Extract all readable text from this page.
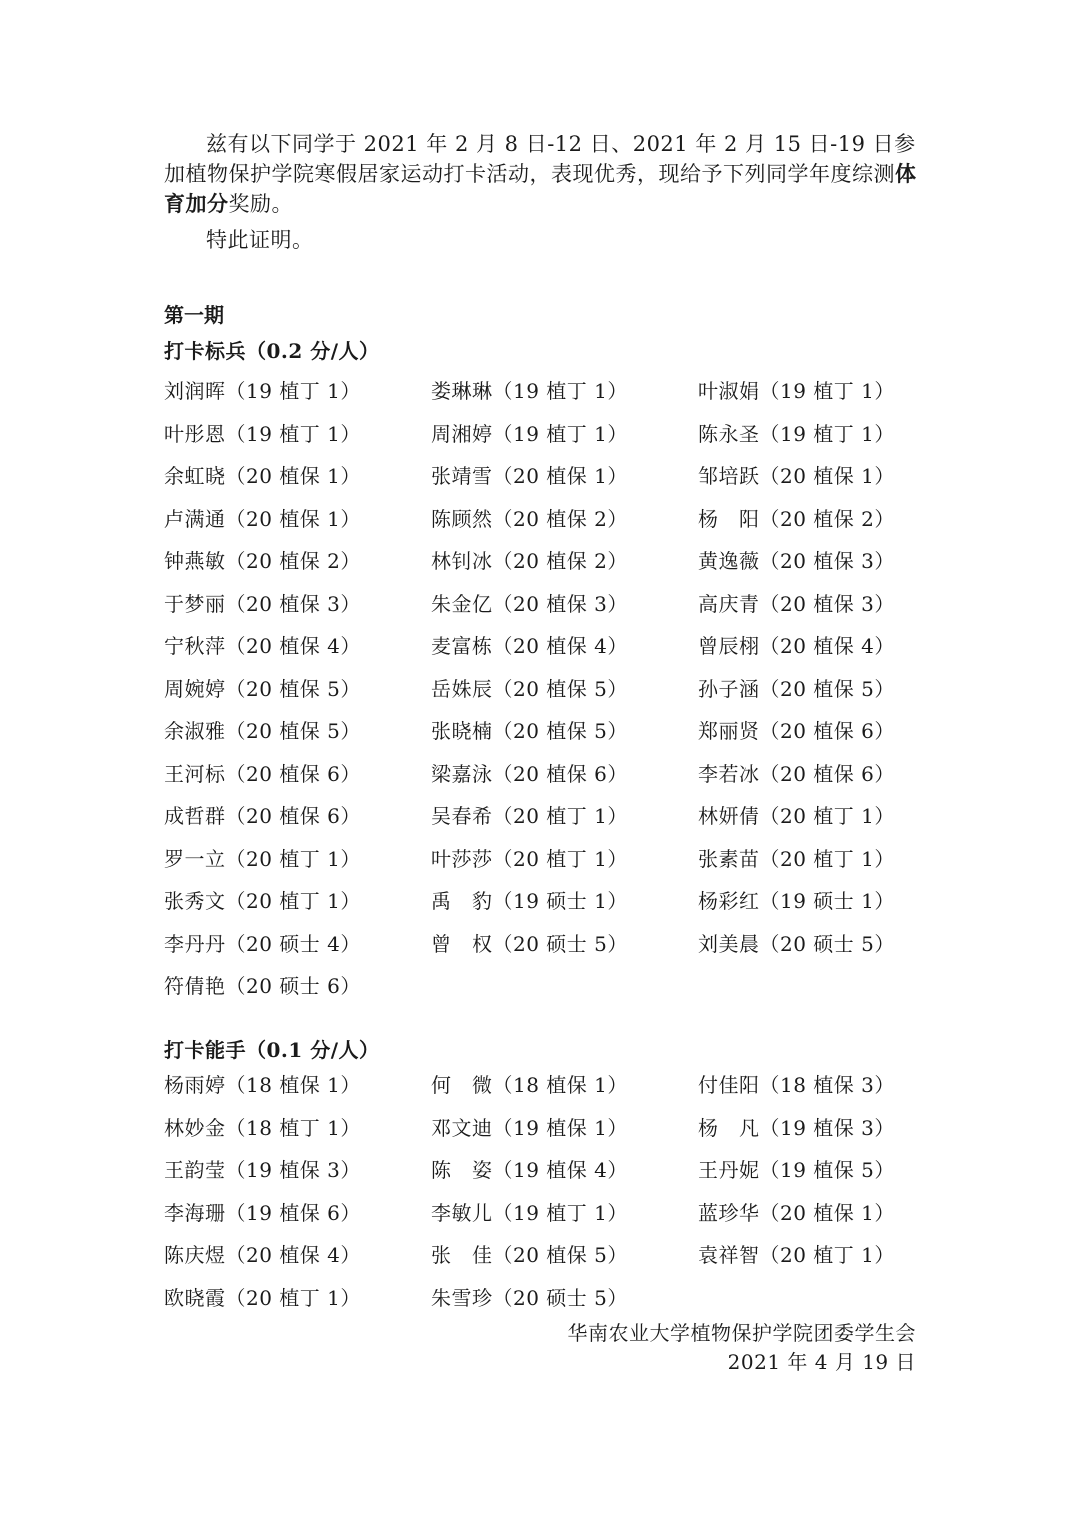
兹有以下同学于 2021 年 2 月 8 日-12 日、2021 年 2 月 15 日-19 日参加植物保护学院寒假居家运动打卡活动，表现优秀，现给予下列同学年度综测体育加分奖励。

特此证明。

第一期
打卡标兵（0.2 分/人）
刘润晖（19 植丁 1）	娄琳琳（19 植丁 1）	叶淑娟（19 植丁 1）
叶彤恩（19 植丁 1）	周湘婷（19 植丁 1）	陈永圣（19 植丁 1）
余虹晓（20 植保 1）	张靖雪（20 植保 1）	邹培跃（20 植保 1）
卢满通（20 植保 1）	陈顾然（20 植保 2）	杨　阳（20 植保 2）
钟燕敏（20 植保 2）	林钊冰（20 植保 2）	黄逸薇（20 植保 3）
于梦丽（20 植保 3）	朱金亿（20 植保 3）	高庆青（20 植保 3）
宁秋萍（20 植保 4）	麦富栋（20 植保 4）	曾辰栩（20 植保 4）
周婉婷（20 植保 5）	岳姝辰（20 植保 5）	孙子涵（20 植保 5）
余淑雅（20 植保 5）	张晓楠（20 植保 5）	郑丽贤（20 植保 6）
王河标（20 植保 6）	梁嘉泳（20 植保 6）	李若冰（20 植保 6）
成哲群（20 植保 6）	吴春希（20 植丁 1）	林妍倩（20 植丁 1）
罗一立（20 植丁 1）	叶莎莎（20 植丁 1）	张素苗（20 植丁 1）
张秀文（20 植丁 1）	禹　豹（19 硕士 1）	杨彩红（19 硕士 1）
李丹丹（20 硕士 4）	曾　权（20 硕士 5）	刘美晨（20 硕士 5）
符倩艳（20 硕士 6）
打卡能手（0.1 分/人）
杨雨婷（18 植保 1）	何　微（18 植保 1）	付佳阳（18 植保 3）
林妙金（18 植丁 1）	邓文迪（19 植保 1）	杨　凡（19 植保 3）
王韵莹（19 植保 3）	陈　姿（19 植保 4）	王丹妮（19 植保 5）
李海珊（19 植保 6）	李敏儿（19 植丁 1）	蓝珍华（20 植保 1）
陈庆煜（20 植保 4）	张　佳（20 植保 5）	袁祥智（20 植丁 1）
欧晓霞（20 植丁 1）	朱雪珍（20 硕士 5）
华南农业大学植物保护学院团委学生会
2021 年 4 月 19 日
